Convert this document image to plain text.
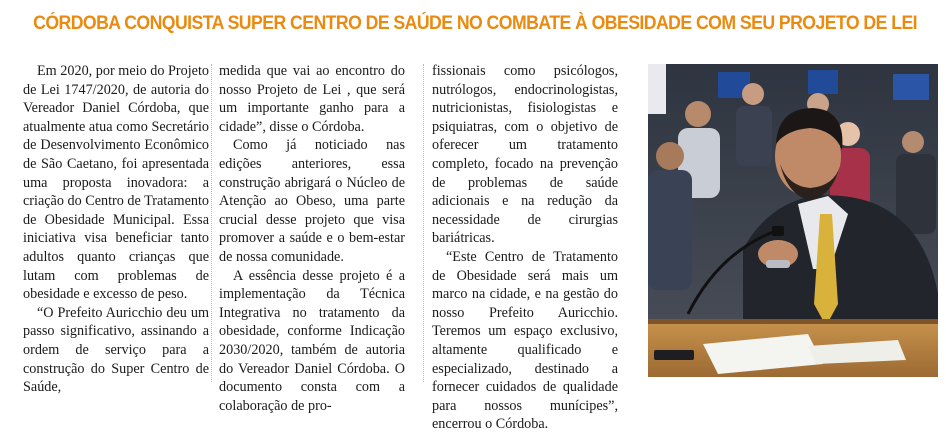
CÓRDOBA CONQUISTA SUPER CENTRO DE SAÚDE NO COMBATE À OBESIDADE COM SEU PROJETO DE LEI

Em 2020, por meio do Projeto de Lei 1747/2020, de autoria do Vereador Daniel Córdoba, que atualmente atua como Secretário de Desenvolvimento Econômico de São Caetano, foi apresentada uma proposta inovadora: a criação do Centro de Tratamento de Obesidade Municipal. Essa iniciativa visa beneficiar tanto adultos quanto crianças que lutam com problemas de obesidade e excesso de peso.

“O Prefeito Auricchio deu um passo significativo, assinando a ordem de serviço para a construção do Super Centro de Saúde,

medida que vai ao encontro do nosso Projeto de Lei , que será um importante ganho para a cidade”, disse o Córdoba.

Como já noticiado nas edições anteriores, essa construção abrigará o Núcleo de Atenção ao Obeso, uma parte crucial desse projeto que visa promover a saúde e o bem-estar de nossa comunidade.

A essência desse projeto é a implementação da Técnica Integrativa no tratamento da obesidade, conforme Indicação 2030/2020, também de autoria do Vereador Daniel Córdoba. O documento consta com a colaboração de pro-

fissionais como psicólogos, nutrólogos, endocrinologistas, nutricionistas, fisiologistas e psiquiatras, com o objetivo de oferecer um tratamento completo, focado na prevenção de problemas de saúde adicionais e na redução da necessidade de cirurgias bariátricas.

“Este Centro de Tratamento de Obesidade será mais um marco na cidade, e na gestão do nosso Prefeito Auricchio. Teremos um espaço exclusivo, altamente qualificado e especializado, destinado a fornecer cuidados de qualidade para nossos munícipes”, encerrou o Córdoba.
